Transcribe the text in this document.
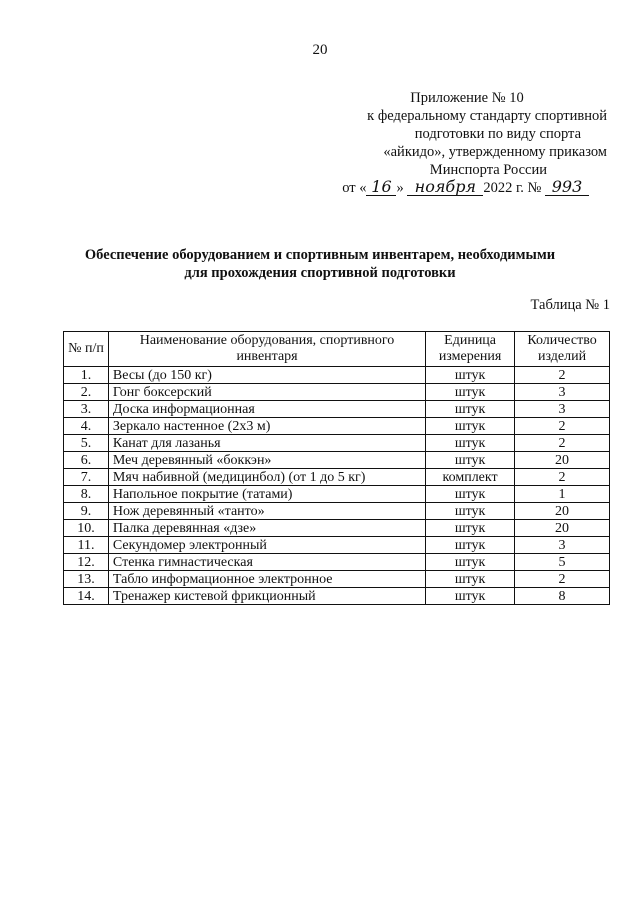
20
Приложение № 10
к федеральному стандарту спортивной
подготовки по виду спорта
«айкидо», утвержденному приказом
Минспорта России
от « 16 » ноября 2022 г. № 993
Обеспечение оборудованием и спортивным инвентарем, необходимыми
для прохождения спортивной подготовки
Таблица № 1
№ п/п	Наименование оборудования, спортивного инвентаря	Единица измерения	Количество изделий
1.	Весы (до 150 кг)	штук	2
2.	Гонг боксерский	штук	3
3.	Доска информационная	штук	3
4.	Зеркало настенное (2x3 м)	штук	2
5.	Канат для лазанья	штук	2
6.	Меч деревянный «боккэн»	штук	20
7.	Мяч набивной (медицинбол) (от 1 до 5 кг)	комплект	2
8.	Напольное покрытие (татами)	штук	1
9.	Нож деревянный «танто»	штук	20
10.	Палка деревянная «дзе»	штук	20
11.	Секундомер электронный	штук	3
12.	Стенка гимнастическая	штук	5
13.	Табло информационное электронное	штук	2
14.	Тренажер кистевой фрикционный	штук	8
